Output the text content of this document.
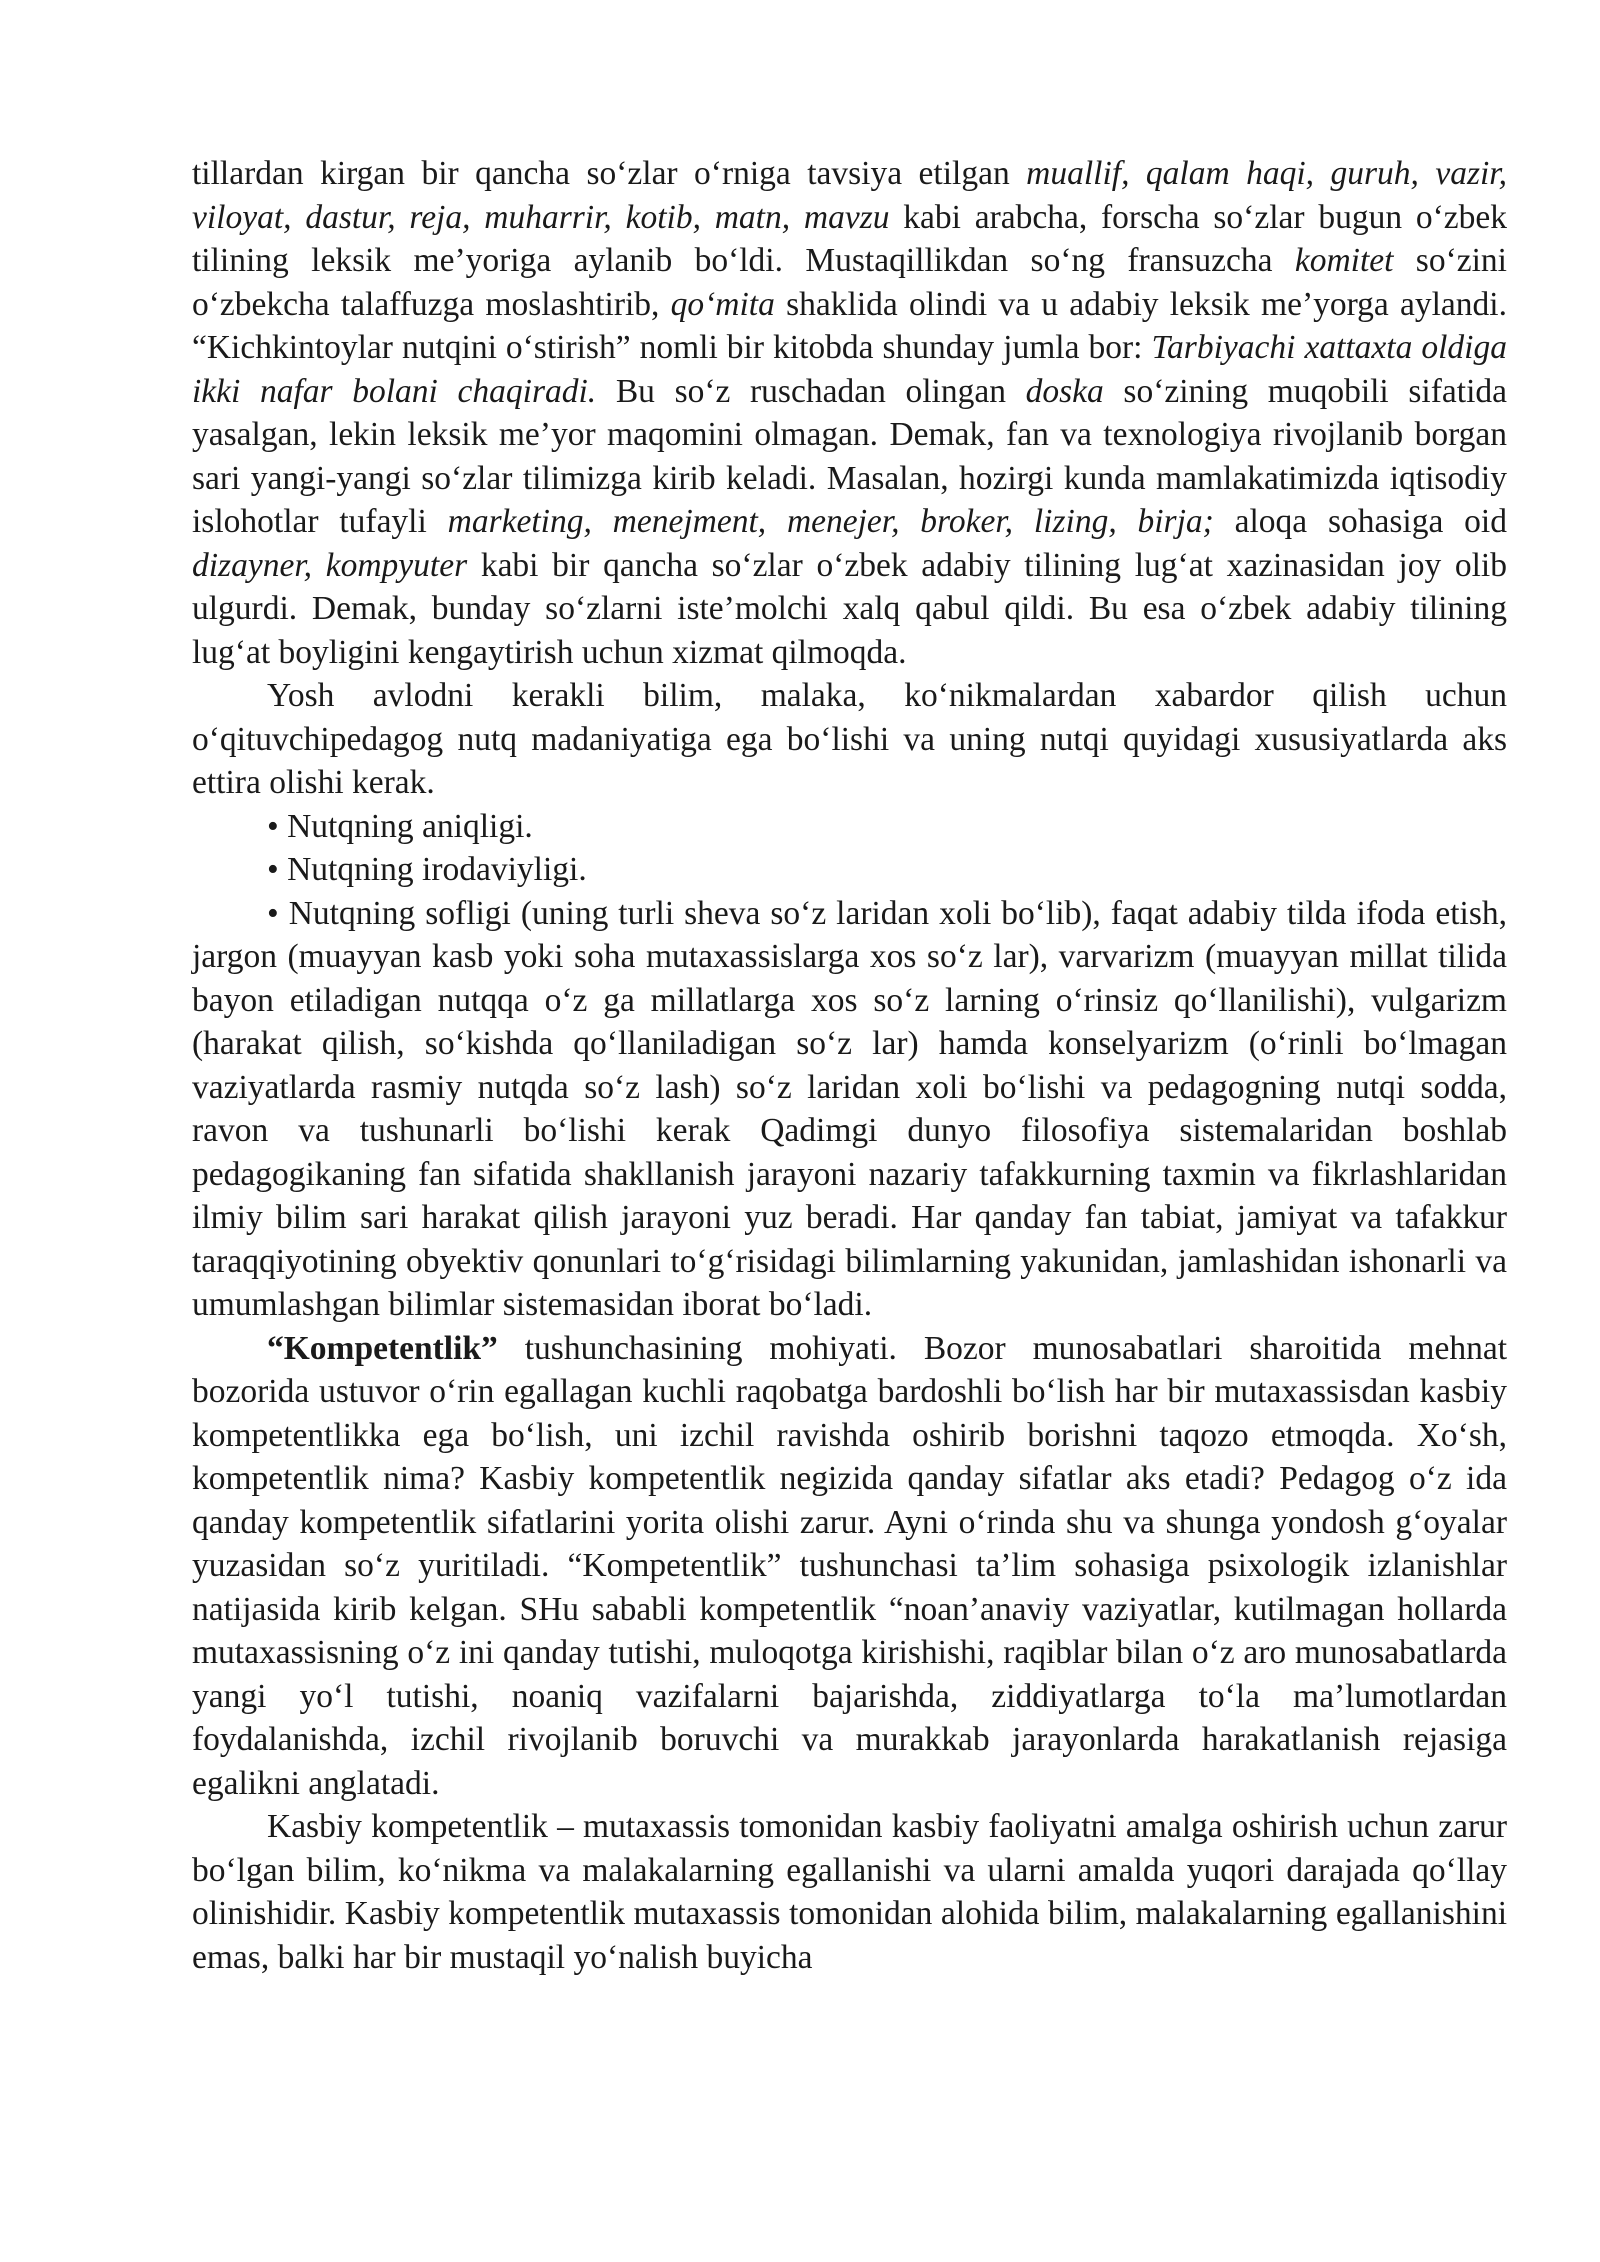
tillardan kirgan bir qancha so‘zlar o‘rniga tavsiya etilgan muallif, qalam haqi, guruh, vazir, viloyat, dastur, reja, muharrir, kotib, matn, mavzu kabi arabcha, forscha so‘zlar bugun o‘zbek tilining leksik me’yoriga aylanib bo‘ldi. Mustaqillikdan so‘ng fransuzcha komitet so‘zini o‘zbekcha talaffuzga moslashtirib, qo‘mita shaklida olindi va u adabiy leksik me’yorga aylandi. “Kichkintoylar nutqini o‘stirish” nomli bir kitobda shunday jumla bor: Tarbiyachi xattaxta oldiga ikki nafar bolani chaqiradi. Bu so‘z ruschadan olingan doska so‘zining muqobili sifatida yasalgan, lekin leksik me’yor maqomini olmagan. Demak, fan va texnologiya rivojlanib borgan sari yangi-yangi so‘zlar tilimizga kirib keladi. Masalan, hozirgi kunda mamlakatimizda iqtisodiy islohotlar tufayli marketing, menejment, menejer, broker, lizing, birja; aloqa sohasiga oid dizayner, kompyuter kabi bir qancha so‘zlar o‘zbek adabiy tilining lug‘at xazinasidan joy olib ulgurdi. Demak, bunday so‘zlarni iste’molchi xalq qabul qildi. Bu esa o‘zbek adabiy tilining lug‘at boyligini kengaytirish uchun xizmat qilmoqda.

Yosh avlodni kerakli bilim, malaka, ko‘nikmalardan xabardor qilish uchun o‘qituvchipedagog nutq madaniyatiga ega bo‘lishi va uning nutqi quyidagi xususiyatlarda aks ettira olishi kerak.

• Nutqning aniqligi.

• Nutqning irodaviyligi.

• Nutqning sofligi (uning turli sheva so‘z laridan xoli bo‘lib), faqat adabiy tilda ifoda etish, jargon (muayyan kasb yoki soha mutaxassislarga xos so‘z lar), varvarizm (muayyan millat tilida bayon etiladigan nutqqa o‘z ga millatlarga xos so‘z larning o‘rinsiz qo‘llanilishi), vulgarizm (harakat qilish, so‘kishda qo‘llaniladigan so‘z lar) hamda konselyarizm (o‘rinli bo‘lmagan vaziyatlarda rasmiy nutqda so‘z lash) so‘z laridan xoli bo‘lishi va pedagogning nutqi sodda, ravon va tushunarli bo‘lishi kerak Qadimgi dunyo filosofiya sistemalaridan boshlab pedagogikaning fan sifatida shakllanish jarayoni nazariy tafakkurning taxmin va fikrlashlaridan ilmiy bilim sari harakat qilish jarayoni yuz beradi. Har qanday fan tabiat, jamiyat va tafakkur taraqqiyotining obyektiv qonunlari to‘g‘risidagi bilimlarning yakunidan, jamlashidan ishonarli va umumlashgan bilimlar sistemasidan iborat bo‘ladi.

“Kompetentlik” tushunchasining mohiyati. Bozor munosabatlari sharoitida mehnat bozorida ustuvor o‘rin egallagan kuchli raqobatga bardoshli bo‘lish har bir mutaxassisdan kasbiy kompetentlikka ega bo‘lish, uni izchil ravishda oshirib borishni taqozo etmoqda. Xo‘sh, kompetentlik nima? Kasbiy kompetentlik negizida qanday sifatlar aks etadi? Pedagog o‘z ida qanday kompetentlik sifatlarini yorita olishi zarur. Ayni o‘rinda shu va shunga yondosh g‘oyalar yuzasidan so‘z yuritiladi. “Kompetentlik” tushunchasi ta’lim sohasiga psixologik izlanishlar natijasida kirib kelgan. SHu sababli kompetentlik “noan’anaviy vaziyatlar, kutilmagan hollarda mutaxassisning o‘z ini qanday tutishi, muloqotga kirishishi, raqiblar bilan o‘z aro munosabatlarda yangi yo‘l tutishi, noaniq vazifalarni bajarishda, ziddiyatlarga to‘la ma’lumotlardan foydalanishda, izchil rivojlanib boruvchi va murakkab jarayonlarda harakatlanish rejasiga egalikni anglatadi.

Kasbiy kompetentlik – mutaxassis tomonidan kasbiy faoliyatni amalga oshirish uchun zarur bo‘lgan bilim, ko‘nikma va malakalarning egallanishi va ularni amalda yuqori darajada qo‘llay olinishidir. Kasbiy kompetentlik mutaxassis tomonidan alohida bilim, malakalarning egallanishini emas, balki har bir mustaqil yo‘nalish buyicha
